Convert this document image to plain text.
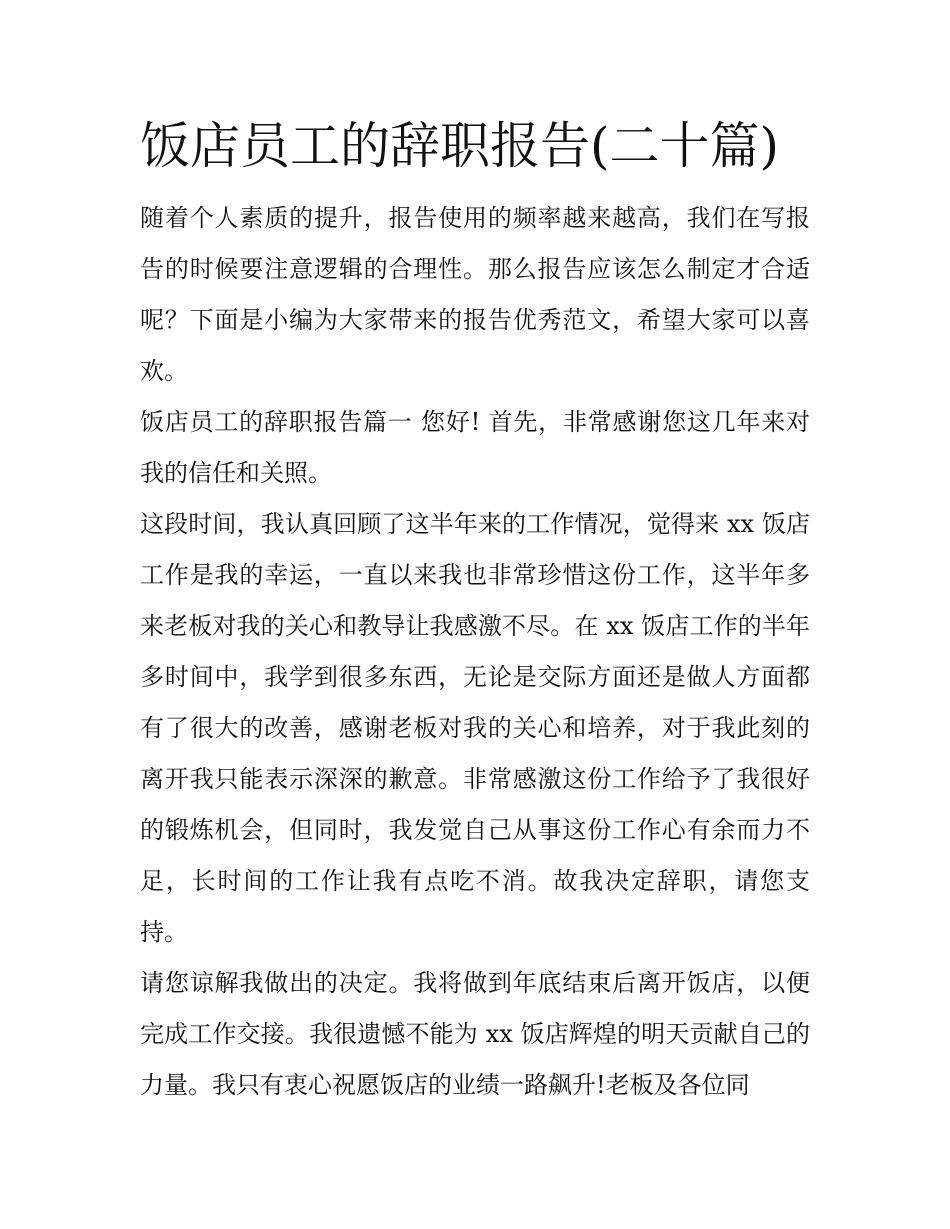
饭店员工的辞职报告(二十篇)

随着个人素质的提升，报告使用的频率越来越高，我们在写报告的时候要注意逻辑的合理性。那么报告应该怎么制定才合适呢？下面是小编为大家带来的报告优秀范文，希望大家可以喜欢。

饭店员工的辞职报告篇一 您好! 首先，非常感谢您这几年来对我的信任和关照。

这段时间，我认真回顾了这半年来的工作情况，觉得来 xx 饭店工作是我的幸运，一直以来我也非常珍惜这份工作，这半年多来老板对我的关心和教导让我感激不尽。在 xx 饭店工作的半年多时间中，我学到很多东西，无论是交际方面还是做人方面都有了很大的改善，感谢老板对我的关心和培养，对于我此刻的离开我只能表示深深的歉意。非常感激这份工作给予了我很好的锻炼机会，但同时，我发觉自己从事这份工作心有余而力不足，长时间的工作让我有点吃不消。故我决定辞职，请您支持。

请您谅解我做出的决定。我将做到年底结束后离开饭店，以便完成工作交接。我很遗憾不能为 xx 饭店辉煌的明天贡献自己的力量。我只有衷心祝愿饭店的业绩一路飙升!老板及各位同
